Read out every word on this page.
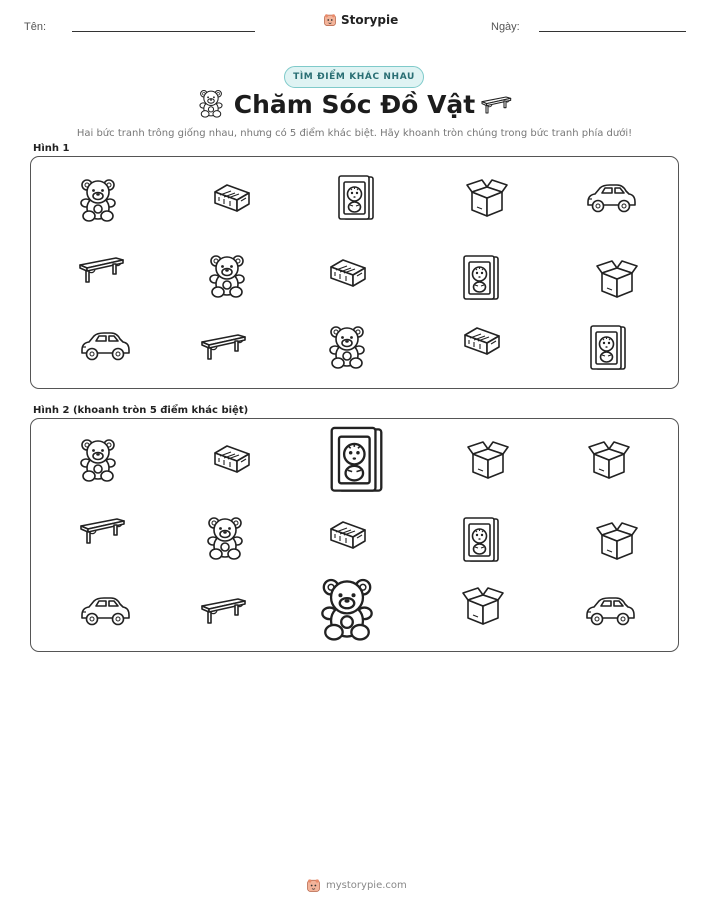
Tên:	Storypie	Ngày:
TÌM ĐIỂM KHÁC NHAU
Chăm Sóc Đồ Vật
Hai bức tranh trông giống nhau, nhưng có 5 điểm khác biệt. Hãy khoanh tròn chúng trong bức tranh phía dưới!
Hình 1
Hình 2 (khoanh tròn 5 điểm khác biệt)
mystorypie.com
